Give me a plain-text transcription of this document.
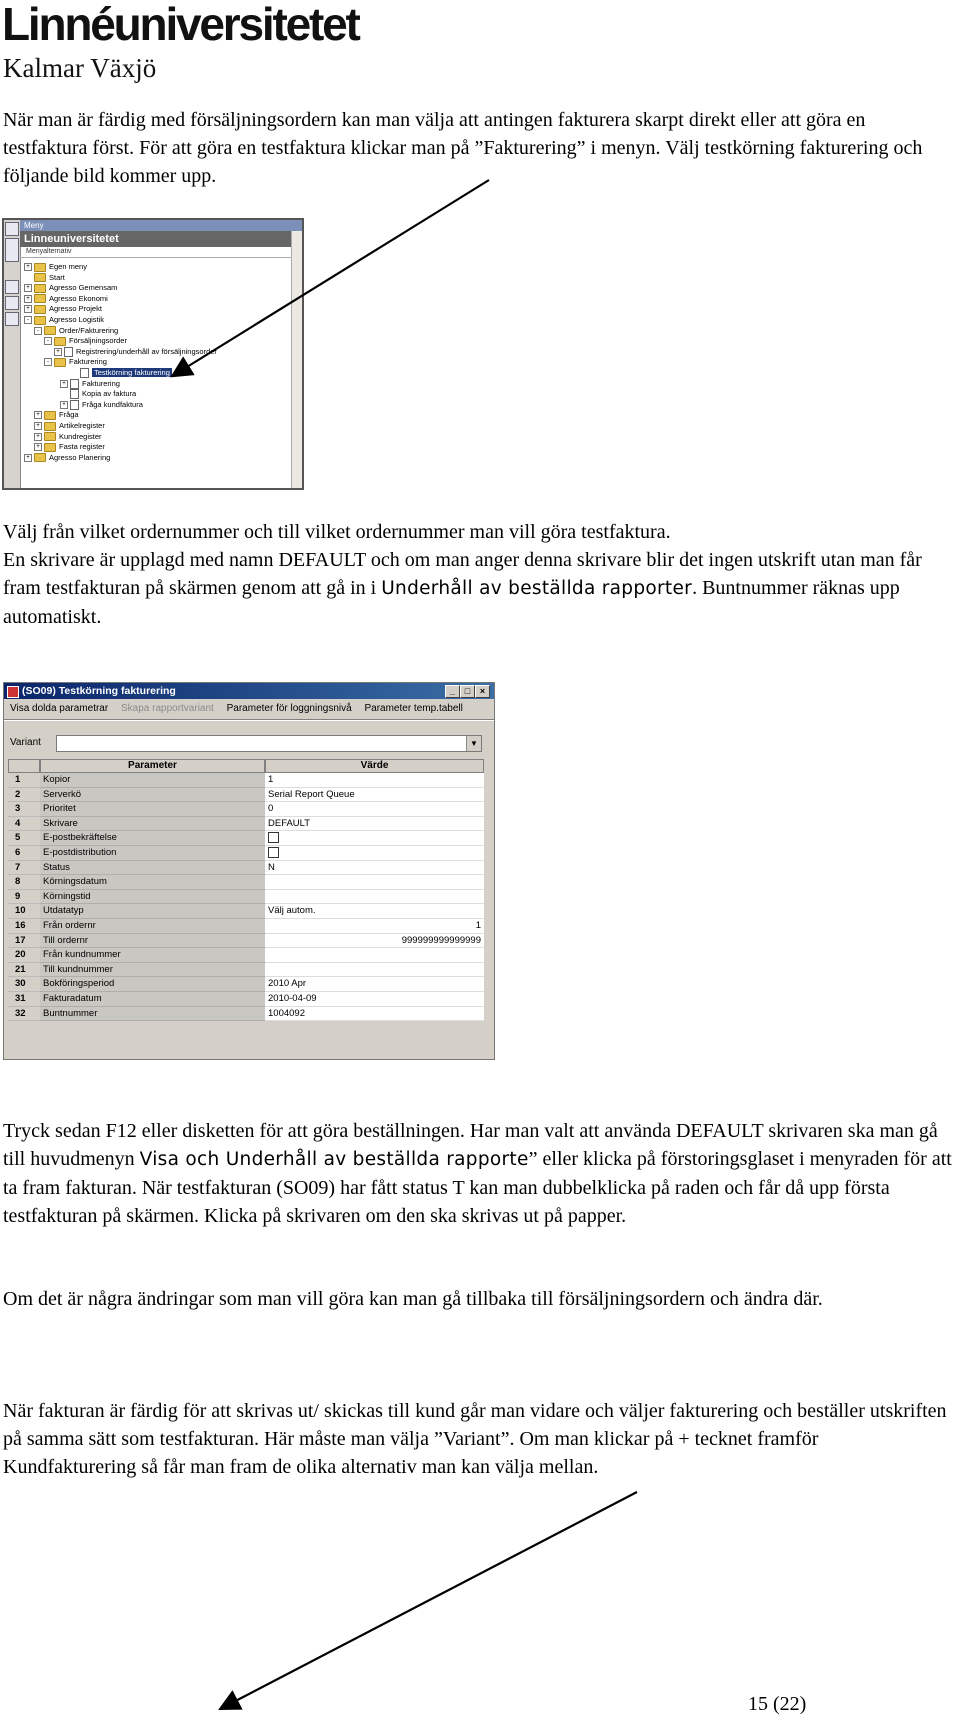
Linnéuniversitetet
Kalmar Växjö

När man är färdig med försäljningsordern kan man välja att antingen fakturera skarpt direkt eller att göra en testfaktura först. För att göra en testfaktura klickar man på ”Fakturering” i menyn. Välj testkörning fakturering och följande bild kommer upp.

Meny
Linneuniversitetet
Menyalternativ
+	Egen meny
Start
+	Agresso Gemensam
+	Agresso Ekonomi
+	Agresso Projekt
-	Agresso Logistik
-	Order/Fakturering
-	Försäljningsorder
+ Registrering/underhåll av försäljningsorder
-	Fakturering
Testkörning fakturering
+ Fakturering
Kopia av faktura
+ Fråga kundfaktura
+	Fråga
+	Artikelregister
+	Kundregister
+	Fasta register
+	Agresso Planering

Välj från vilket ordernummer och till vilket ordernummer man vill göra testfaktura.

En skrivare är upplagd med namn DEFAULT och om man anger denna skrivare blir det ingen utskrift utan man får fram testfakturan på skärmen genom att gå in i Underhåll av beställda rapporter. Buntnummer räknas upp automatiskt.

(SO09) Testkörning fakturering	_	□	×
Visa dolda parametrar Skapa rapportvariant Parameter för loggningsnivå Parameter temp.tabell
Variant	▼
Parameter	Värde
1	Kopior	1
2	Serverkö	Serial Report Queue
3	Prioritet	0
4	Skrivare	DEFAULT
5	E-postbekräftelse
6	E-postdistribution
7	Status	N
8	Körningsdatum
9	Körningstid
10	Utdatatyp	Välj autom.
16	Från ordernr	1
17	Till ordernr	999999999999999
20	Från kundnummer
21	Till kundnummer
30	Bokföringsperiod	2010 Apr
31	Fakturadatum	2010-04-09
32	Buntnummer	1004092

Tryck sedan F12 eller disketten för att göra beställningen. Har man valt att använda DEFAULT skrivaren ska man gå till huvudmenyn Visa och Underhåll av beställda rapporte” eller klicka på förstoringsglaset i menyraden för att ta fram fakturan. När testfakturan (SO09) har fått status T kan man dubbelklicka på raden och får då upp första testfakturan på skärmen. Klicka på skrivaren om den ska skrivas ut på papper.

Om det är några ändringar som man vill göra kan man gå tillbaka till försäljningsordern och ändra där.

När fakturan är färdig för att skrivas ut/ skickas till kund går man vidare och väljer fakturering och beställer utskriften på samma sätt som testfakturan. Här måste man välja ”Variant”. Om man klickar på + tecknet framför Kundfakturering så får man fram de olika alternativ man kan välja mellan.

15 (22)
